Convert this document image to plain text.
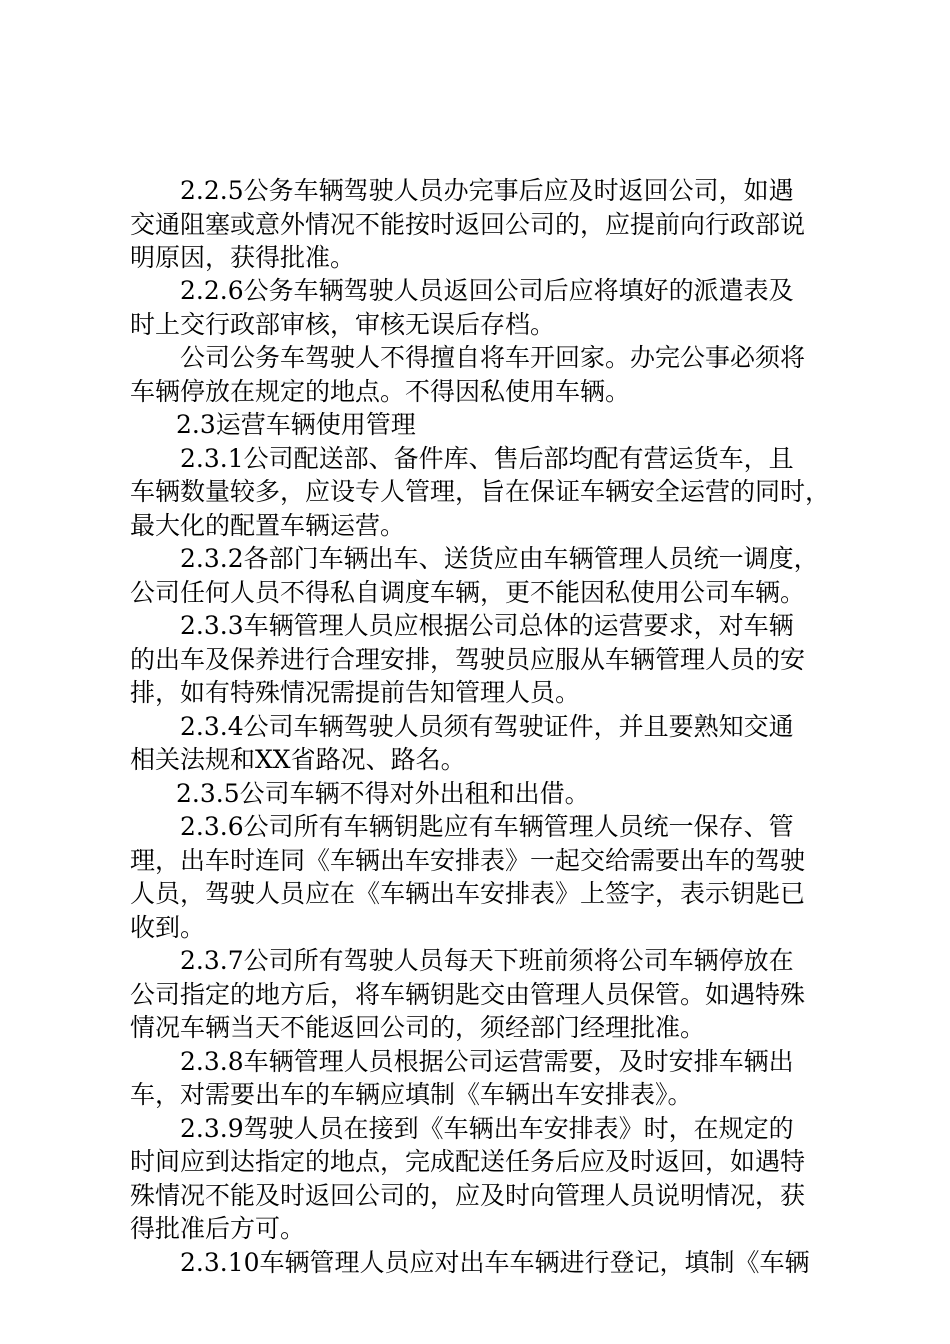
2.2.5公务车辆驾驶人员办完事后应及时返回公司，如遇
交通阻塞或意外情况不能按时返回公司的，应提前向行政部说
明原因，获得批准。
2.2.6公务车辆驾驶人员返回公司后应将填好的派遣表及
时上交行政部审核，审核无误后存档。
公司公务车驾驶人不得擅自将车开回家。办完公事必须将
车辆停放在规定的地点。不得因私使用车辆。
2.3运营车辆使用管理
2.3.1公司配送部、备件库、售后部均配有营运货车，且
车辆数量较多，应设专人管理，旨在保证车辆安全运营的同时，
最大化的配置车辆运营。
2.3.2各部门车辆出车、送货应由车辆管理人员统一调度，
公司任何人员不得私自调度车辆，更不能因私使用公司车辆。
2.3.3车辆管理人员应根据公司总体的运营要求，对车辆
的出车及保养进行合理安排，驾驶员应服从车辆管理人员的安
排，如有特殊情况需提前告知管理人员。
2.3.4公司车辆驾驶人员须有驾驶证件，并且要熟知交通
相关法规和XX省路况、路名。
2.3.5公司车辆不得对外出租和出借。
2.3.6公司所有车辆钥匙应有车辆管理人员统一保存、管
理，出车时连同《车辆出车安排表》一起交给需要出车的驾驶
人员，驾驶人员应在《车辆出车安排表》上签字，表示钥匙已
收到。
2.3.7公司所有驾驶人员每天下班前须将公司车辆停放在
公司指定的地方后，将车辆钥匙交由管理人员保管。如遇特殊
情况车辆当天不能返回公司的，须经部门经理批准。
2.3.8车辆管理人员根据公司运营需要，及时安排车辆出
车，对需要出车的车辆应填制《车辆出车安排表》。
2.3.9驾驶人员在接到《车辆出车安排表》时，在规定的
时间应到达指定的地点，完成配送任务后应及时返回，如遇特
殊情况不能及时返回公司的，应及时向管理人员说明情况，获
得批准后方可。
2.3.10车辆管理人员应对出车车辆进行登记，填制《车辆
